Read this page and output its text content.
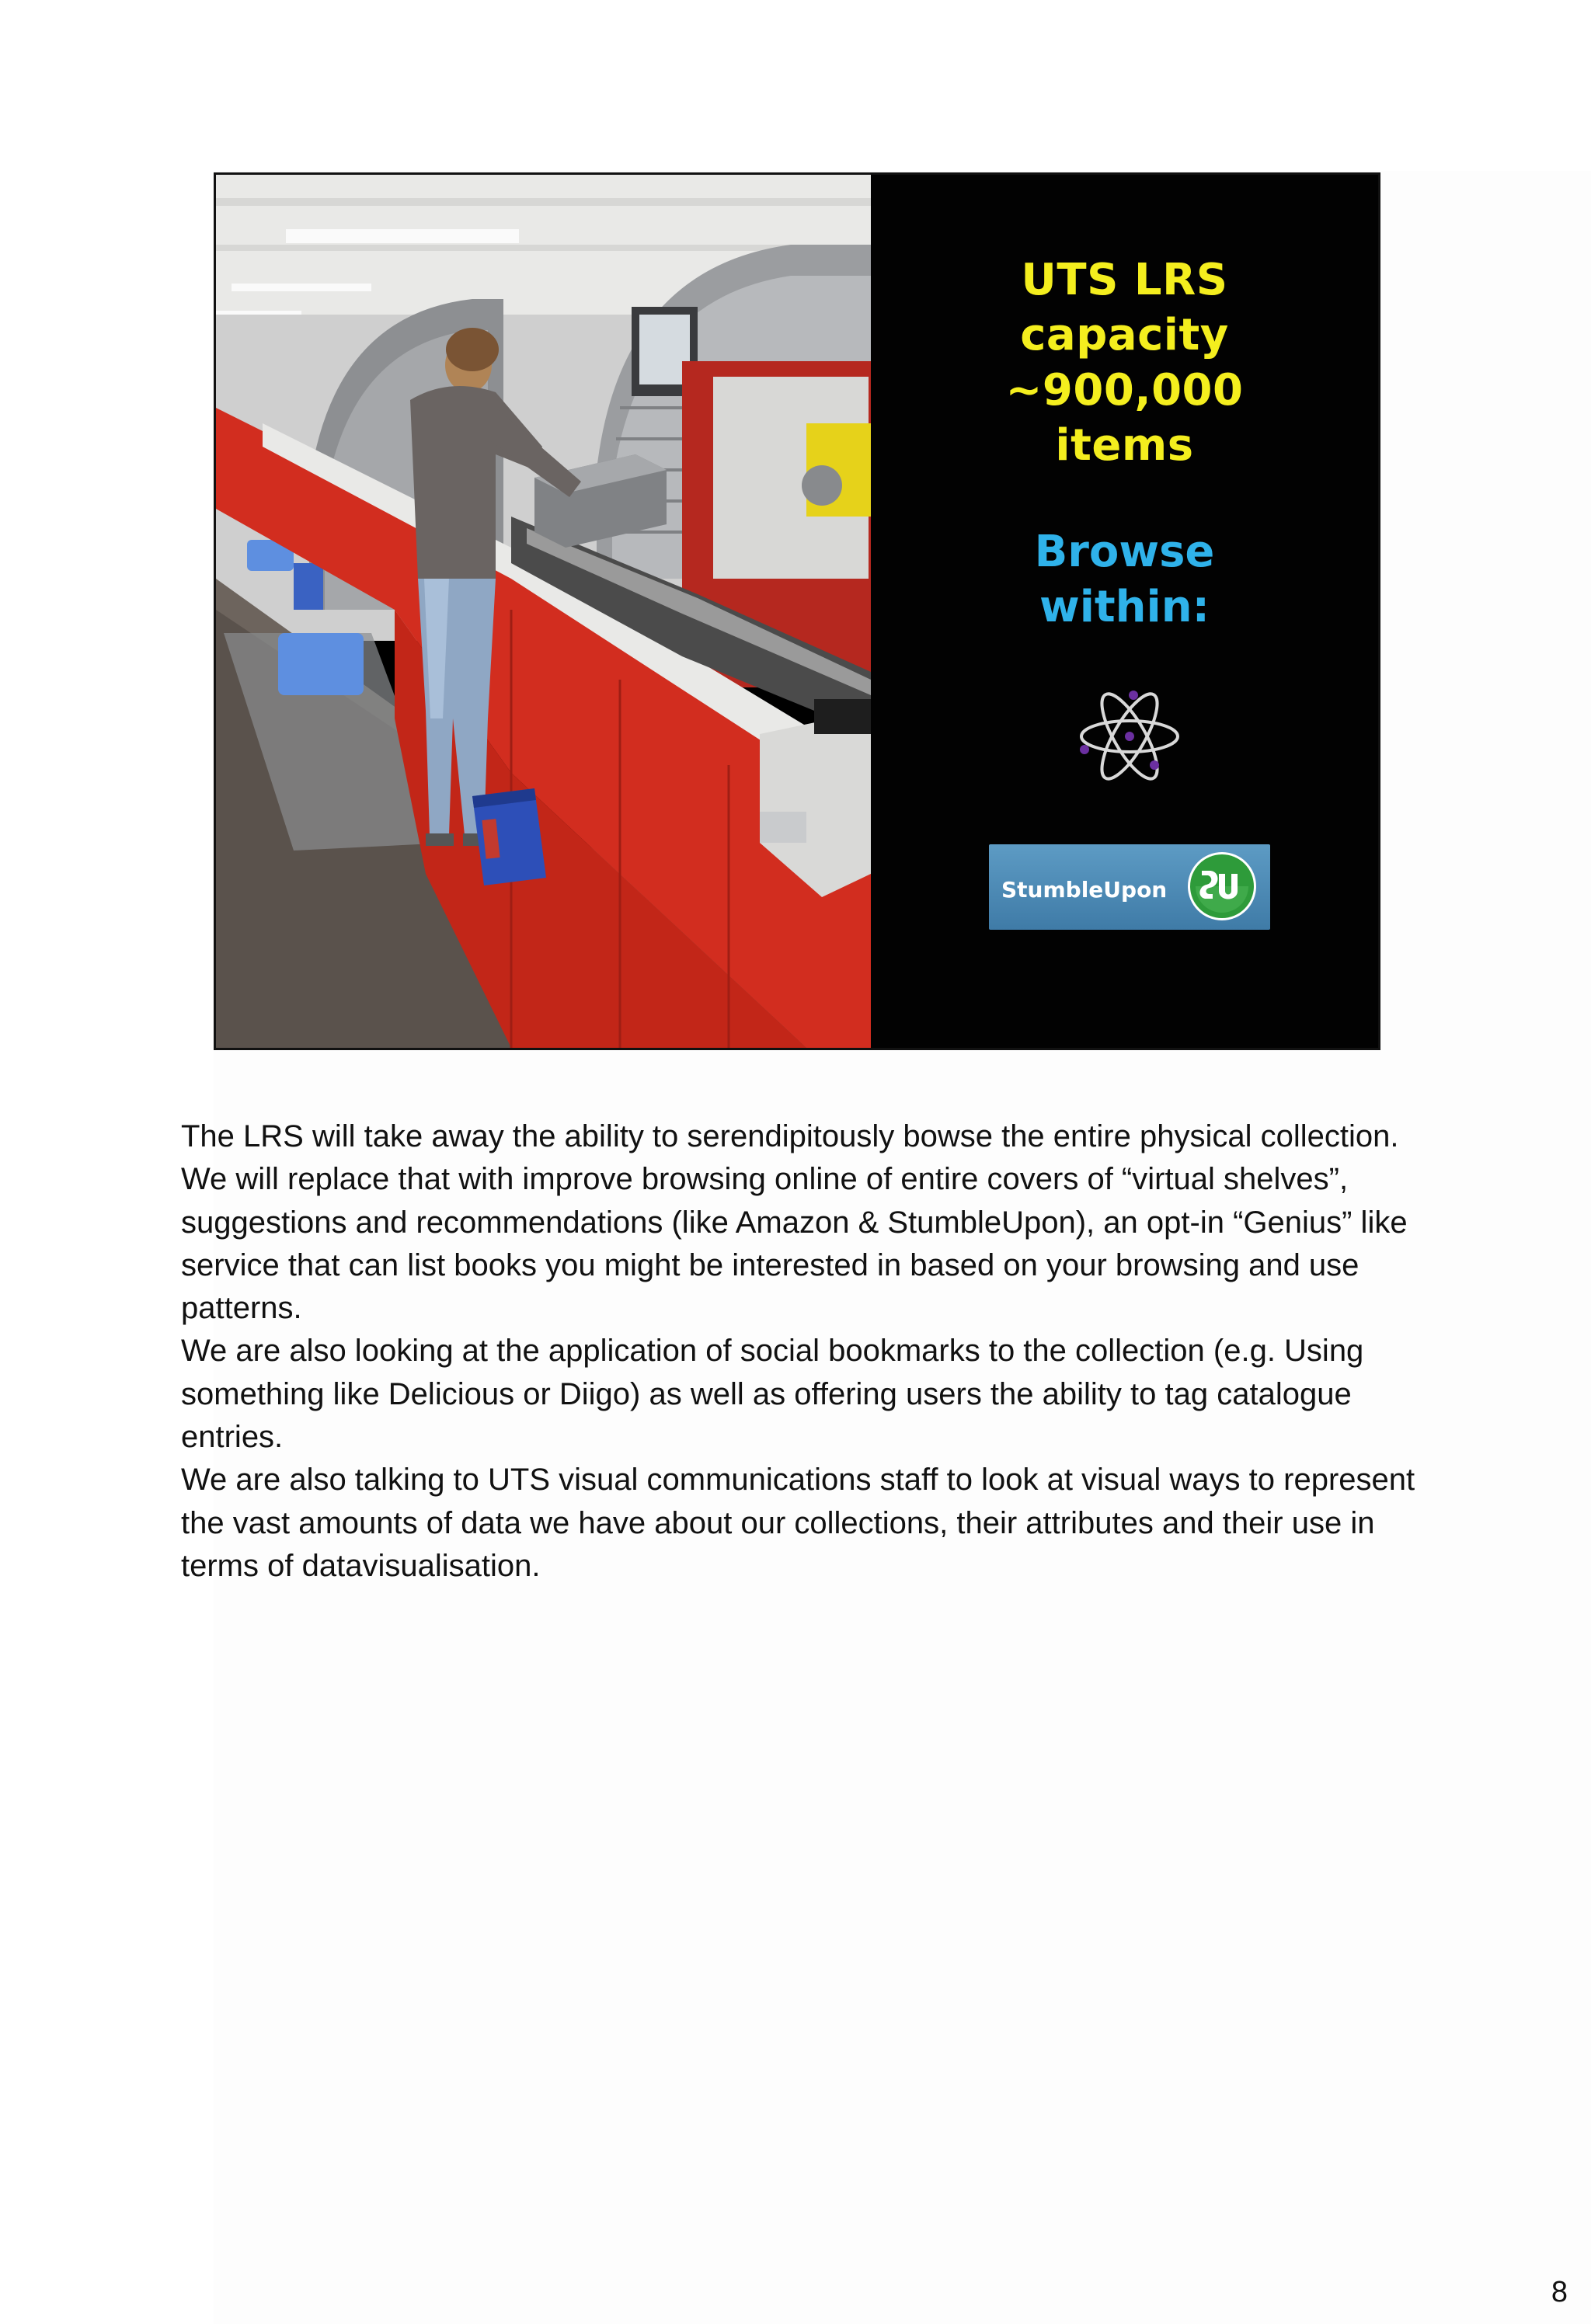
UTS LRS
capacity
~900,000
items
Browse
within:
StumbleUpon

The LRS will take away the ability to serendipitously bowse the entire physical collection. We will replace that with improve browsing online of entire covers of “virtual shelves”, suggestions and recommendations (like Amazon & StumbleUpon), an opt-in “Genius” like service that can list books you might be interested in based on your browsing and use patterns.

We are also looking at the application of social bookmarks to the collection (e.g. Using something like Delicious or Diigo) as well as offering users the ability to tag catalogue entries.

We are also talking to UTS visual communications staff to look at visual ways to represent the vast amounts of data we have about our collections, their attributes and their use in terms of datavisualisation.

8
